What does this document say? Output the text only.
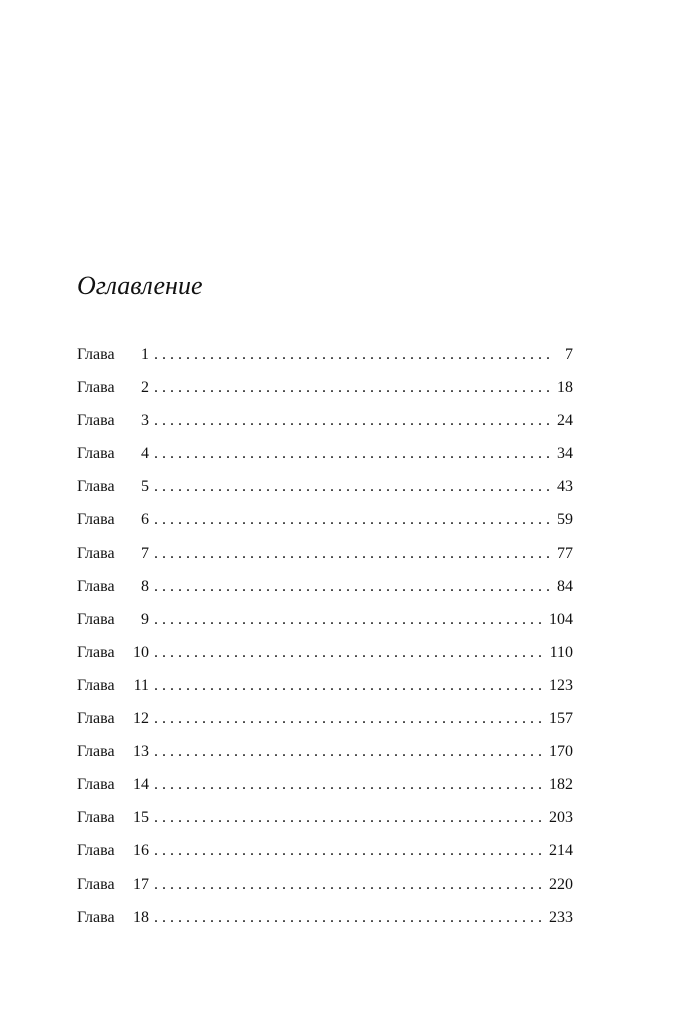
Оглавление
Глава	1 . . .	7
Глава	2 . . .	18
Глава	3 . . .	24
Глава	4 . . .	34
Глава	5 . . .	43
Глава	6 . . .	59
Глава	7 . . .	77
Глава	8 . . .	84
Глава	9 . . .	104
Глава	10 . . .	110
Глава	11 . . .	123
Глава	12 . . .	157
Глава	13 . . .	170
Глава	14 . . .	182
Глава	15 . . .	203
Глава	16 . . .	214
Глава	17 . . .	220
Глава	18 . . .	233
